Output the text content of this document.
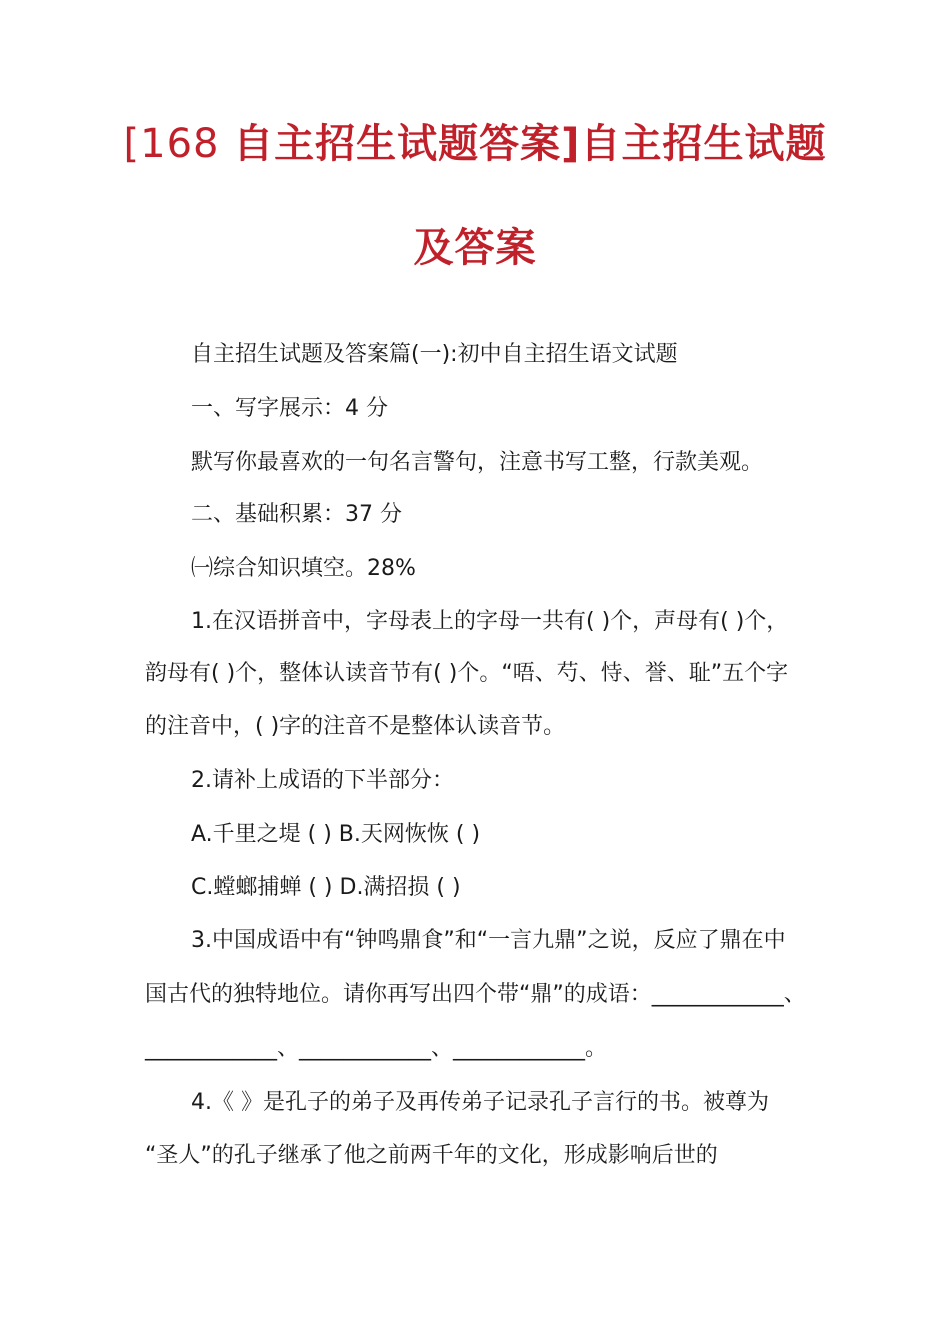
[168 自主招生试题答案]自主招生试题
及答案
自主招生试题及答案篇(一):初中自主招生语文试题
一、写字展示：4 分
默写你最喜欢的一句名言警句，注意书写工整，行款美观。
二、基础积累：37 分
㈠综合知识填空。28%
1.在汉语拼音中，字母表上的字母一共有( )个，声母有( )个，
韵母有( )个，整体认读音节有( )个。“唔、芍、恃、誉、耻”五个字
的注音中，( )字的注音不是整体认读音节。
2.请补上成语的下半部分：
A.千里之堤 ( ) B.天网恢恢 ( )
C.螳螂捕蝉 ( ) D.满招损 ( )
3.中国成语中有“钟鸣鼎食”和“一言九鼎”之说，反应了鼎在中
国古代的独特地位。请你再写出四个带“鼎”的成语：____________、
____________、____________、____________。
4.《 》是孔子的弟子及再传弟子记录孔子言行的书。被尊为
“圣人”的孔子继承了他之前两千年的文化，形成影响后世的
